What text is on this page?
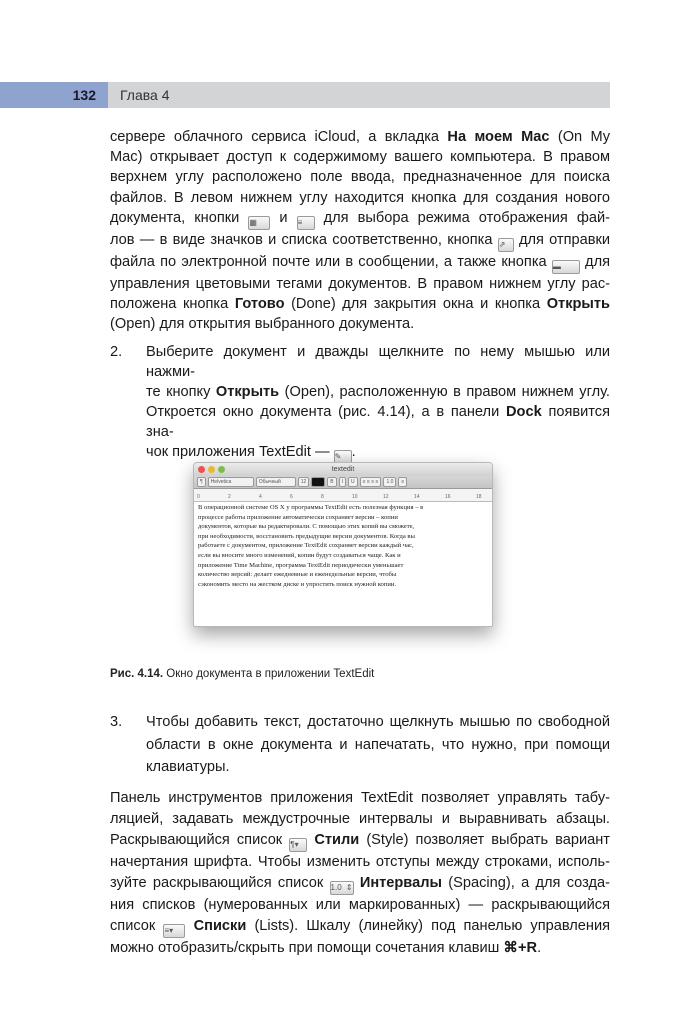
132 Глава 4
сервере облачного сервиса iCloud, а вкладка На моем Mac (On My
Mac) открывает доступ к содержимому вашего компьютера. В правом
верхнем углу расположено поле ввода, предназначенное для поиска
файлов. В левом нижнем углу находится кнопка для создания нового
документа, кнопки ▦ и ≡ для выбора режима отображения фай-
лов — в виде значков и списка соответственно, кнопка ⇗ для отправки
файла по электронной почте или в сообщении, а также кнопка ▬ для
управления цветовыми тегами документов. В правом нижнем углу рас-
положена кнопка Готово (Done) для закрытия окна и кнопка Открыть
(Open) для открытия выбранного документа.
2. Выберите документ и дважды щелкните по нему мышью или нажми-
те кнопку Открыть (Open), расположенную в правом нижнем углу.
Откроется окно документа (рис. 4.14), а в панели Dock появится зна-
чок приложения TextEdit — ✎ .
textedit
¶	Helvetica	Обычный	12	B	I	U	≡ ≡ ≡ ≡	1.0	≡
0	2	4	6	8	10	12	14	16	18
В операционной системе OS X у программы TextEdit есть полезная функция – в
процессе работы приложение автоматически сохраняет версии – копии
документов, которые вы редактировали. С помощью этих копий вы сможете,
при необходимости, восстановить предыдущие версии документов. Когда вы
работаете с документом, приложение TextEdit сохраняет версии каждый час,
если вы вносите много изменений, копии будут создаваться чаще. Как и
приложение Time Machine, программа TextEdit периодически уменьшает
количество версий: делает ежедневные и еженедельные версии, чтобы
сэкономить место на жестком диске и упростить поиск нужной копии.
Рис. 4.14. Окно документа в приложении TextEdit
3. Чтобы добавить текст, достаточно щелкнуть мышью по свободной
области в окне документа и напечатать, что нужно, при помощи
клавиатуры.
Панель инструментов приложения TextEdit позволяет управлять табу-
ляцией, задавать междустрочные интервалы и выравнивать абзацы.
Раскрывающийся список ¶▾ Стили (Style) позволяет выбрать вариант
начертания шрифта. Чтобы изменить отступы между строками, исполь-
зуйте раскрывающийся список 1.0 ⇕ Интервалы (Spacing), а для созда-
ния списков (нумерованных или маркированных) — раскрывающийся
список ≡▾ Списки (Lists). Шкалу (линейку) под панелью управления
можно отобразить/скрыть при помощи сочетания клавиш ⌘+R.
